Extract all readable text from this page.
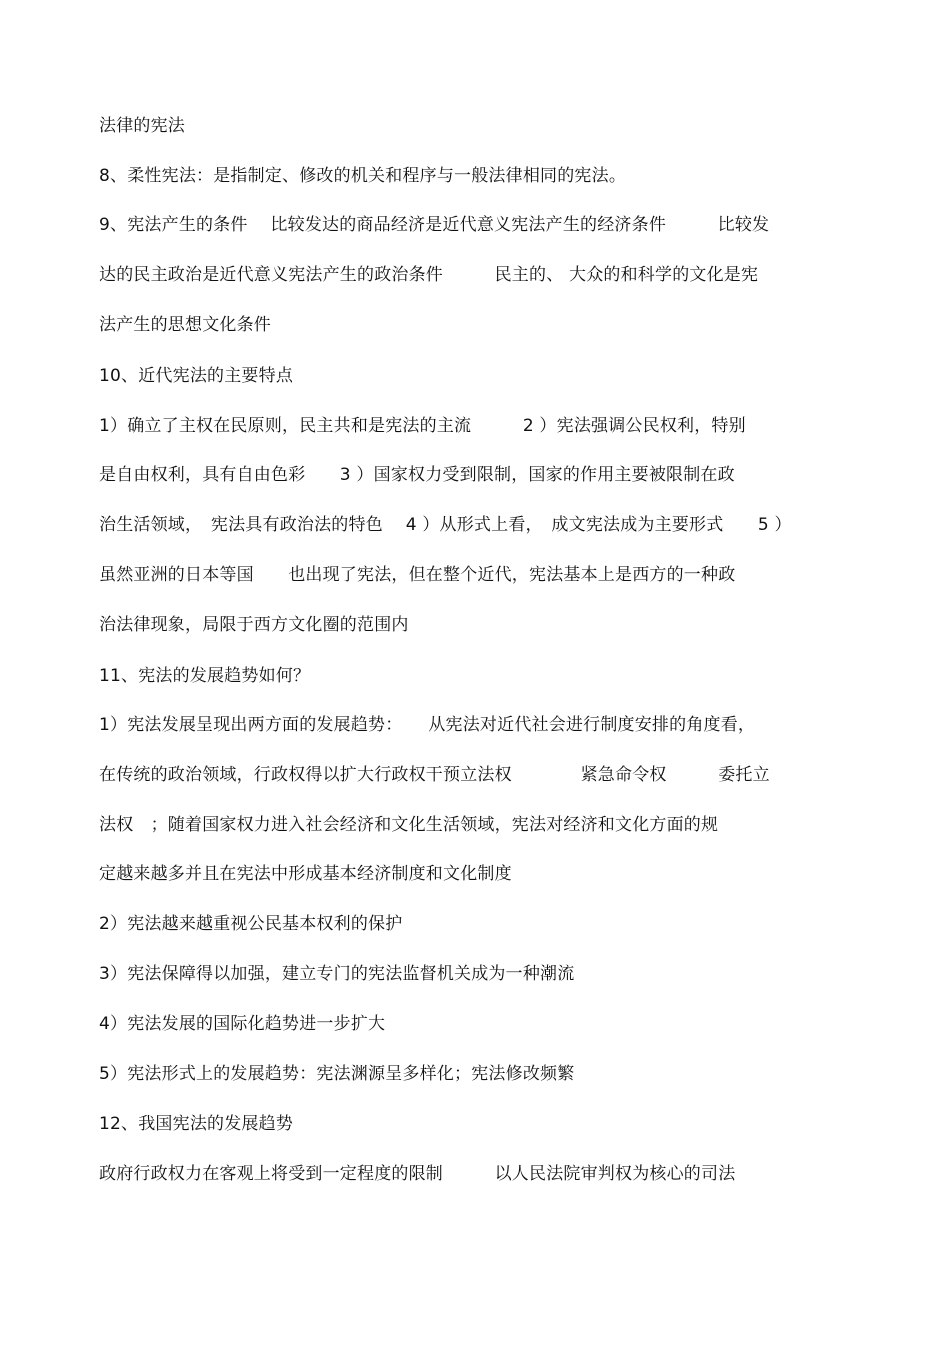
法律的宪法
8、柔性宪法：是指制定、修改的机关和程序与一般法律相同的宪法。
9、宪法产生的条件　 比较发达的商品经济是近代意义宪法产生的经济条件　　　比较发
达的民主政治是近代意义宪法产生的政治条件　　　民主的、 大众的和科学的文化是宪
法产生的思想文化条件
10、近代宪法的主要特点
1）确立了主权在民原则，民主共和是宪法的主流　　　2 ）宪法强调公民权利，特别
是自由权利，具有自由色彩　　3 ）国家权力受到限制，国家的作用主要被限制在政
治生活领域，　宪法具有政治法的特色　 4 ）从形式上看，　成文宪法成为主要形式　　5 ）
虽然亚洲的日本等国　　也出现了宪法，但在整个近代，宪法基本上是西方的一种政
治法律现象，局限于西方文化圈的范围内
11、宪法的发展趋势如何？
1）宪法发展呈现出两方面的发展趋势：　　从宪法对近代社会进行制度安排的角度看，
在传统的政治领域，行政权得以扩大行政权干预立法权　　　　紧急命令权　　　委托立
法权　；随着国家权力进入社会经济和文化生活领域，宪法对经济和文化方面的规
定越来越多并且在宪法中形成基本经济制度和文化制度
2）宪法越来越重视公民基本权利的保护
3）宪法保障得以加强，建立专门的宪法监督机关成为一种潮流
4）宪法发展的国际化趋势进一步扩大
5）宪法形式上的发展趋势：宪法渊源呈多样化；宪法修改频繁
12、我国宪法的发展趋势
政府行政权力在客观上将受到一定程度的限制　　　以人民法院审判权为核心的司法
